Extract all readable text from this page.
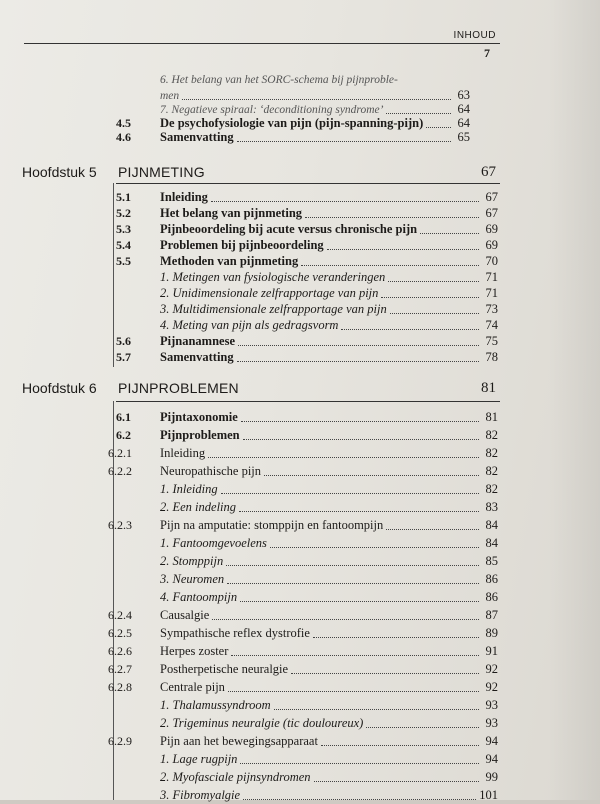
INHOUD
7
6. Het belang van het SORC-schema bij pijnproble-
men	63
7. Negatieve spiraal: ‘deconditioning syndrome’	64
4.5 De psychofysiologie van pijn (pijn-spanning-pijn)	64
4.6 Samenvatting	65
Hoofdstuk 5 PIJNMETING	67
5.1 Inleiding	67
5.2 Het belang van pijnmeting	67
5.3 Pijnbeoordeling bij acute versus chronische pijn	69
5.4 Problemen bij pijnbeoordeling	69
5.5 Methoden van pijnmeting	70
1. Metingen van fysiologische veranderingen	71
2. Unidimensionale zelfrapportage van pijn	71
3. Multidimensionale zelfrapportage van pijn	73
4. Meting van pijn als gedragsvorm	74
5.6 Pijnanamnese	75
5.7 Samenvatting	78
Hoofdstuk 6 PIJNPROBLEMEN	81
6.1 Pijntaxonomie	81
6.2 Pijnproblemen	82
6.2.1 Inleiding	82
6.2.2 Neuropathische pijn	82
1. Inleiding	82
2. Een indeling	83
6.2.3 Pijn na amputatie: stomppijn en fantoompijn	84
1. Fantoomgevoelens	84
2. Stomppijn	85
3. Neuromen	86
4. Fantoompijn	86
6.2.4 Causalgie	87
6.2.5 Sympathische reflex dystrofie	89
6.2.6 Herpes zoster	91
6.2.7 Postherpetische neuralgie	92
6.2.8 Centrale pijn	92
1. Thalamussyndroom	93
2. Trigeminus neuralgie (tic douloureux)	93
6.2.9 Pijn aan het bewegingsapparaat	94
1. Lage rugpijn	94
2. Myofasciale pijnsyndromen	99
3. Fibromyalgie	101
